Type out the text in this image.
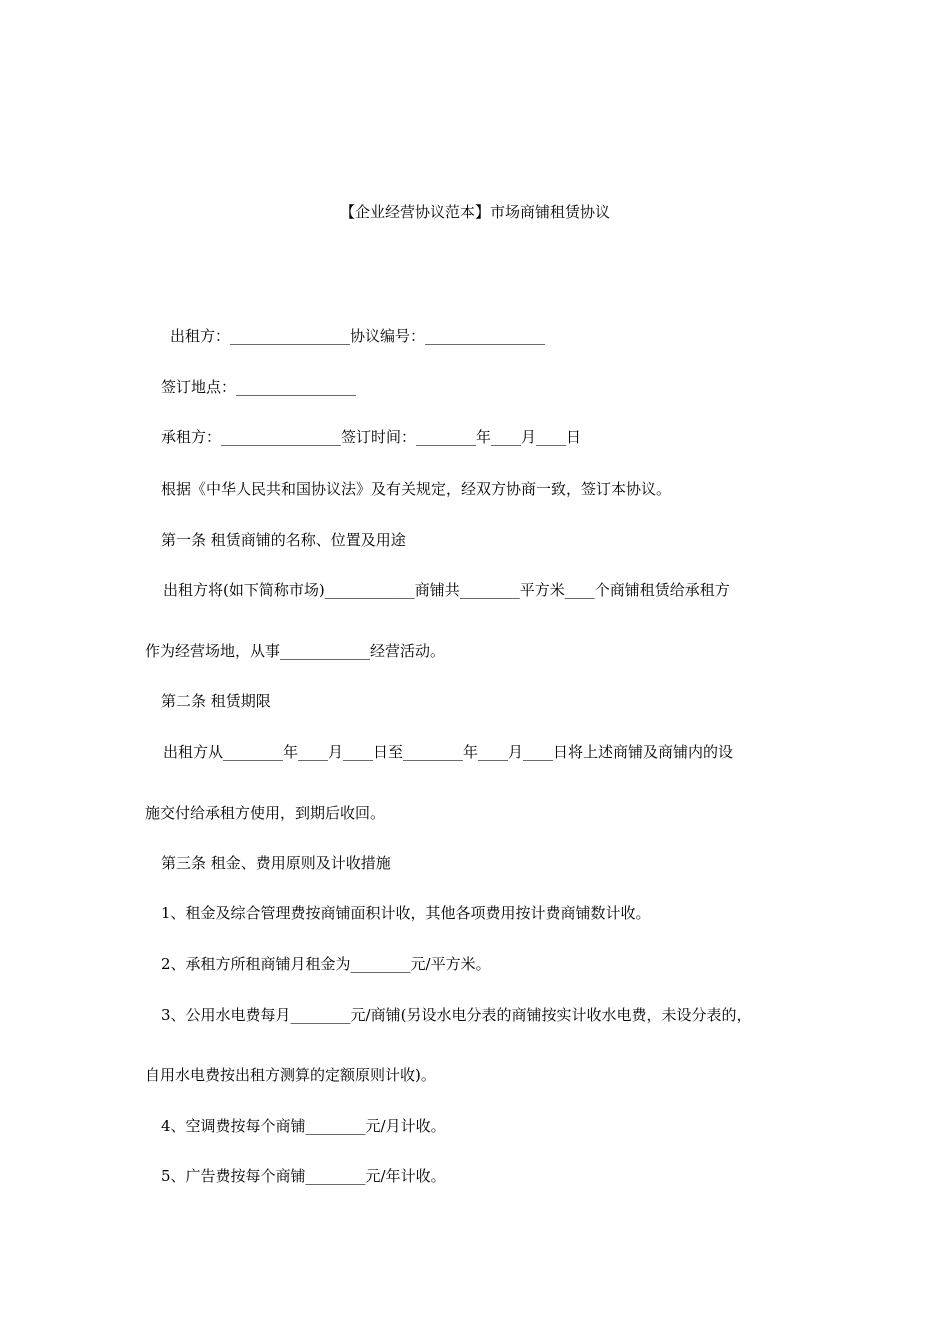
【企业经营协议范本】市场商铺租赁协议
出租方：________________协议编号：________________
签订地点：________________
承租方：________________签订时间：________年____月____日
根据《中华人民共和国协议法》及有关规定，经双方协商一致，签订本协议。
第一条 租赁商铺的名称、位置及用途
出租方将(如下简称市场)____________商铺共________平方米____个商铺租赁给承租方
作为经营场地，从事____________经营活动。
第二条 租赁期限
出租方从________年____月____日至________年____月____日将上述商铺及商铺内的设
施交付给承租方使用，到期后收回。
第三条 租金、费用原则及计收措施
1、租金及综合管理费按商铺面积计收，其他各项费用按计费商铺数计收。
2、承租方所租商铺月租金为________元/平方米。
3、公用水电费每月________元/商铺(另设水电分表的商铺按实计收水电费，未设分表的，
自用水电费按出租方测算的定额原则计收)。
4、空调费按每个商铺________元/月计收。
5、广告费按每个商铺________元/年计收。
